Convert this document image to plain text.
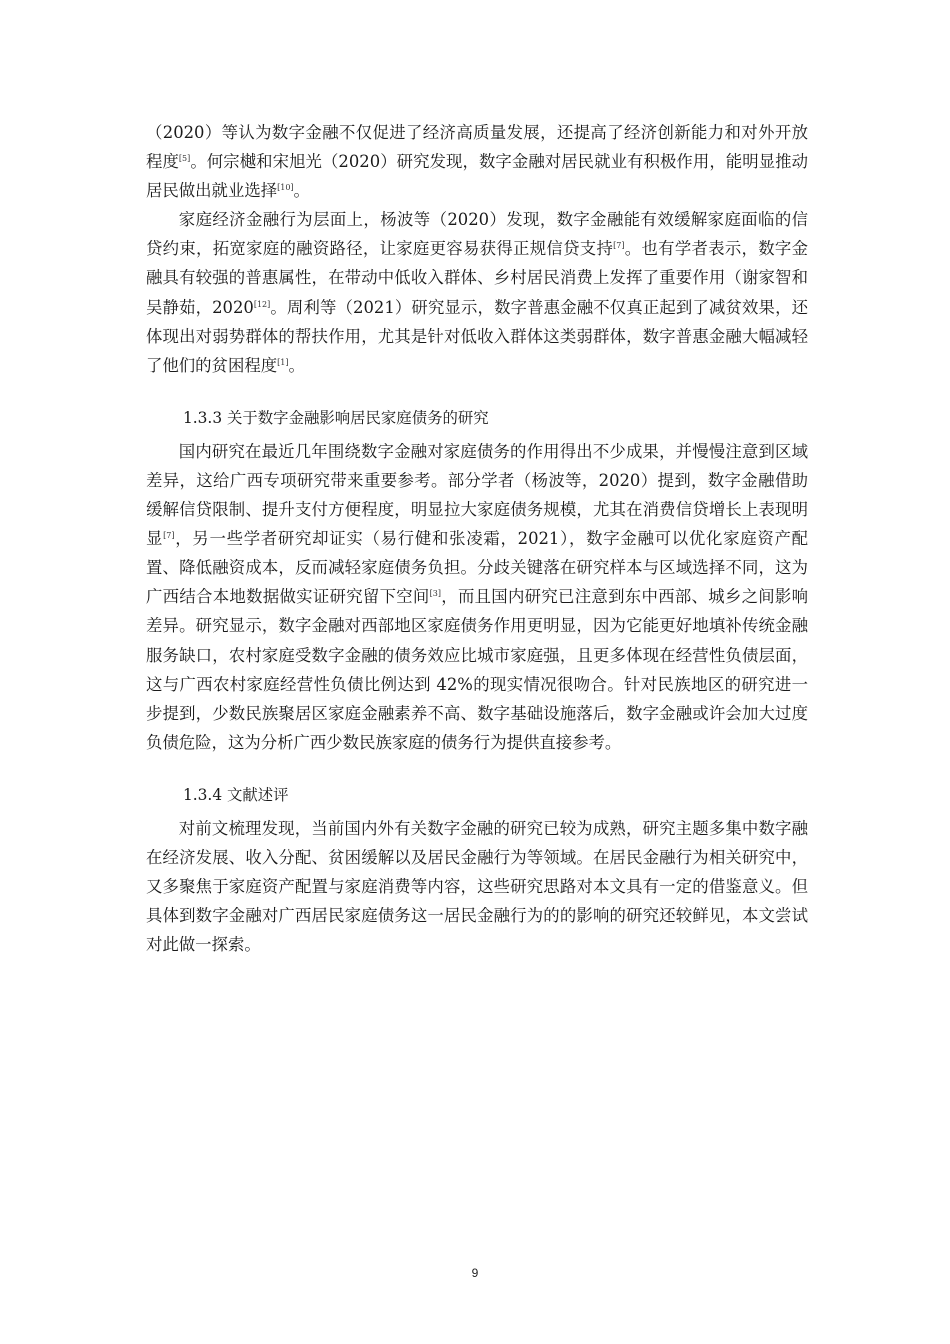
（2020）等认为数字金融不仅促进了经济高质量发展，还提高了经济创新能力和对外开放程度[5]。何宗樾和宋旭光（2020）研究发现，数字金融对居民就业有积极作用，能明显推动居民做出就业选择[10]。

家庭经济金融行为层面上，杨波等（2020）发现，数字金融能有效缓解家庭面临的信贷约束，拓宽家庭的融资路径，让家庭更容易获得正规信贷支持[7]。也有学者表示，数字金融具有较强的普惠属性，在带动中低收入群体、乡村居民消费上发挥了重要作用（谢家智和吴静茹，2020[12]。周利等（2021）研究显示，数字普惠金融不仅真正起到了减贫效果，还体现出对弱势群体的帮扶作用，尤其是针对低收入群体这类弱群体，数字普惠金融大幅减轻了他们的贫困程度[1]。

1.3.3 关于数字金融影响居民家庭债务的研究

国内研究在最近几年围绕数字金融对家庭债务的作用得出不少成果，并慢慢注意到区域差异，这给广西专项研究带来重要参考。部分学者（杨波等，2020）提到，数字金融借助缓解信贷限制、提升支付方便程度，明显拉大家庭债务规模，尤其在消费信贷增长上表现明显[7]，另一些学者研究却证实（易行健和张凌霜，2021），数字金融可以优化家庭资产配置、降低融资成本，反而减轻家庭债务负担。分歧关键落在研究样本与区域选择不同，这为广西结合本地数据做实证研究留下空间[3]，而且国内研究已注意到东中西部、城乡之间影响差异。研究显示，数字金融对西部地区家庭债务作用更明显，因为它能更好地填补传统金融服务缺口，农村家庭受数字金融的债务效应比城市家庭强，且更多体现在经营性负债层面，这与广西农村家庭经营性负债比例达到 42%的现实情况很吻合。针对民族地区的研究进一步提到，少数民族聚居区家庭金融素养不高、数字基础设施落后，数字金融或许会加大过度负债危险，这为分析广西少数民族家庭的债务行为提供直接参考。

1.3.4 文献述评

对前文梳理发现，当前国内外有关数字金融的研究已较为成熟，研究主题多集中数字融在经济发展、收入分配、贫困缓解以及居民金融行为等领域。在居民金融行为相关研究中，又多聚焦于家庭资产配置与家庭消费等内容，这些研究思路对本文具有一定的借鉴意义。但具体到数字金融对广西居民家庭债务这一居民金融行为的的影响的研究还较鲜见，本文尝试对此做一探索。

9
